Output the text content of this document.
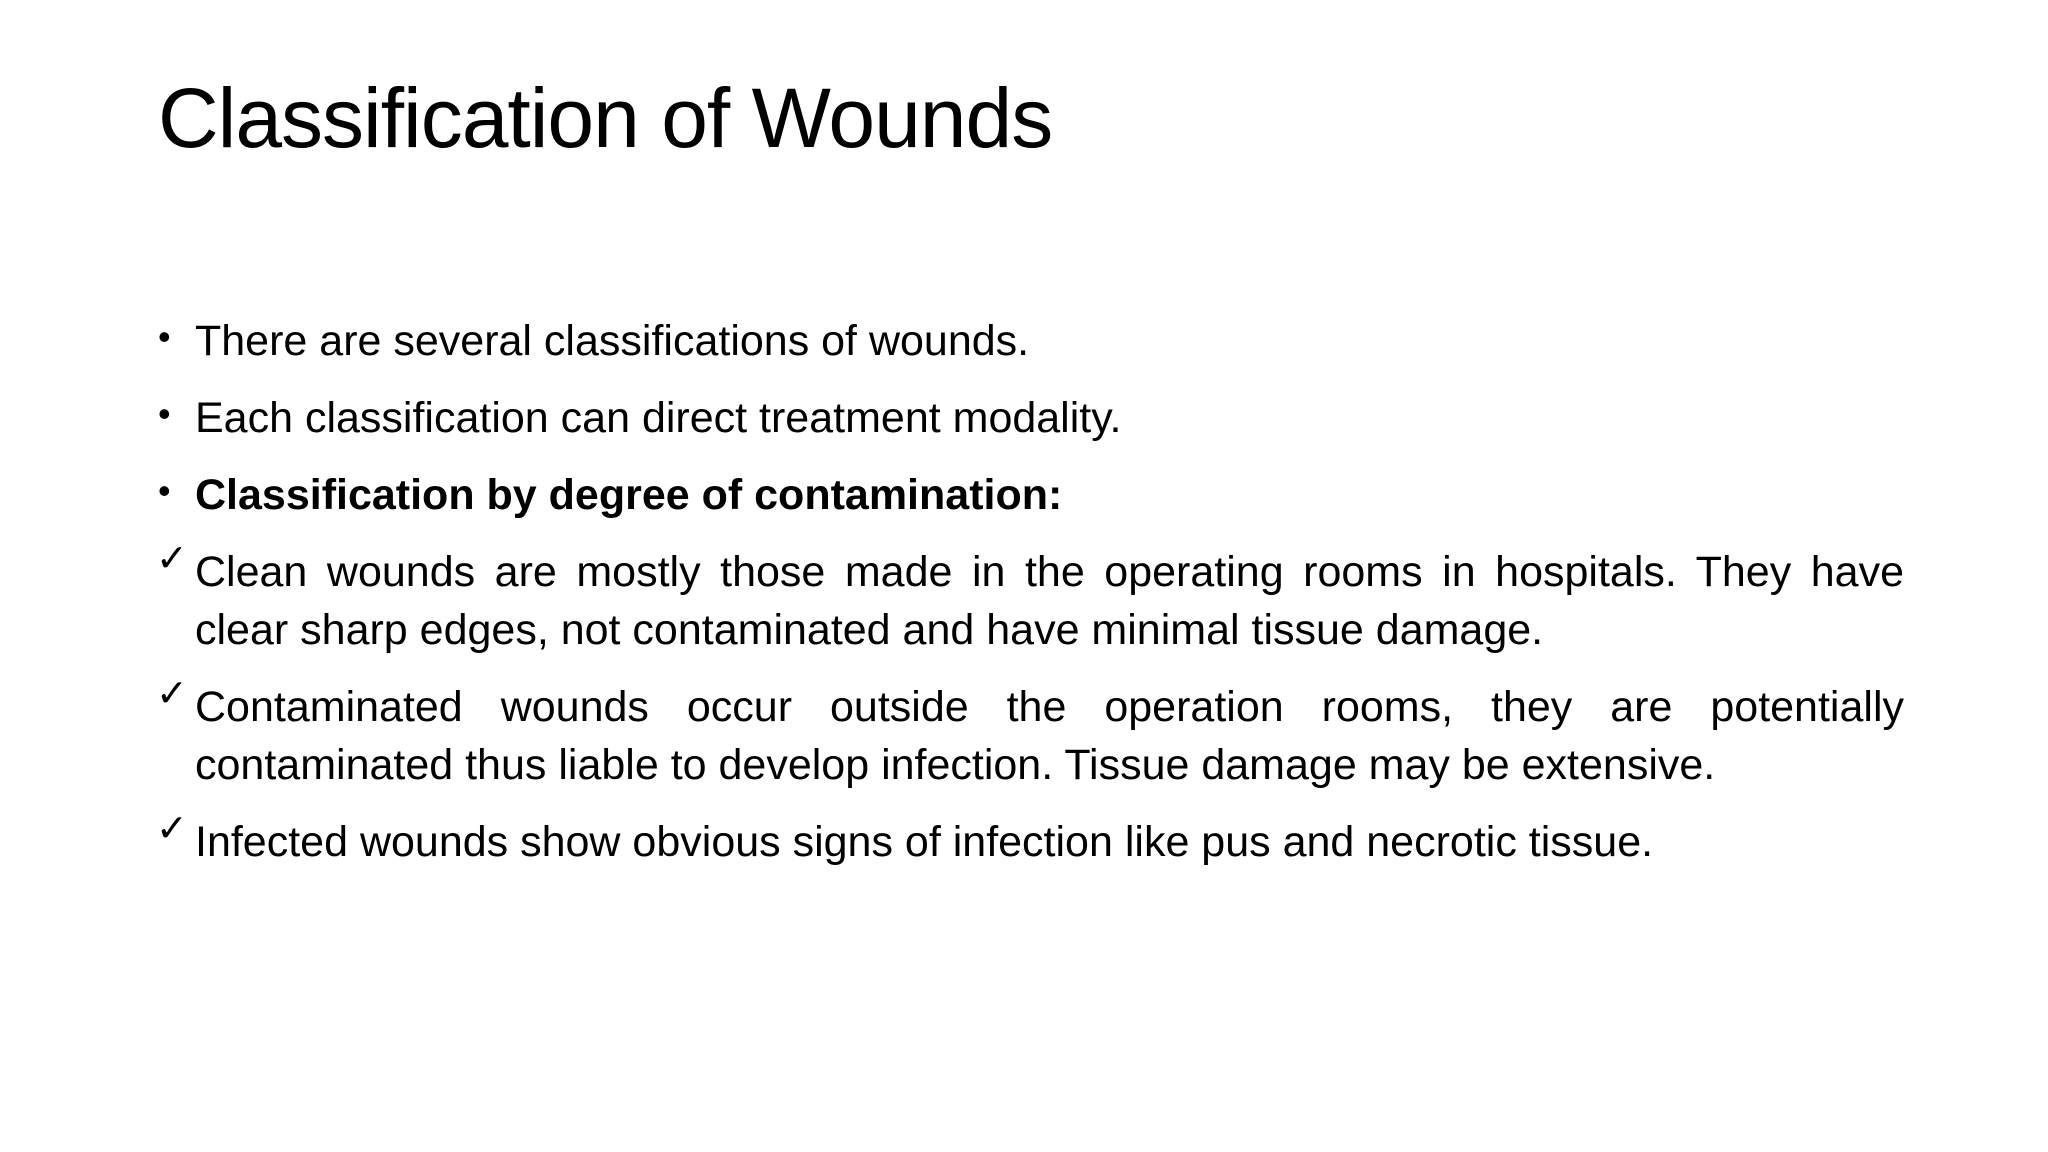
Classification of Wounds
• There are several classifications of wounds.
• Each classification can direct treatment modality.
• Classification by degree of contamination:
✓ Clean wounds are mostly those made in the operating rooms in hospitals. They have clear sharp edges, not contaminated and have minimal tissue damage.
✓ Contaminated wounds occur outside the operation rooms, they are potentially contaminated thus liable to develop infection. Tissue damage may be extensive.
✓ Infected wounds show obvious signs of infection like pus and necrotic tissue.
